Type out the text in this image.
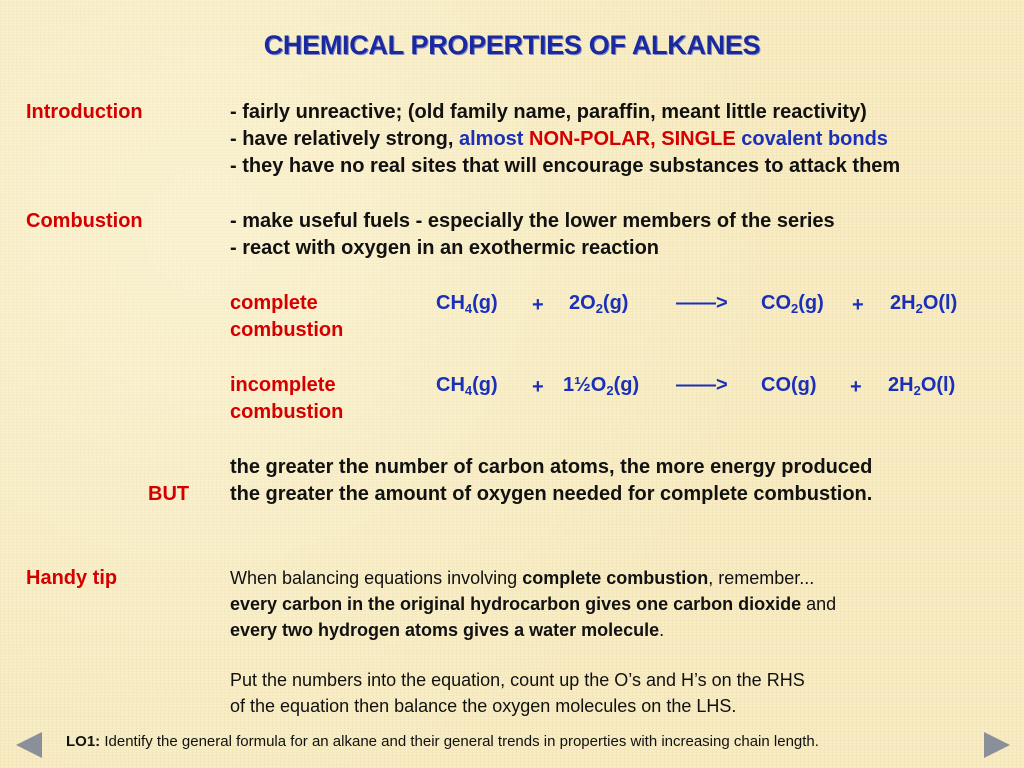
CHEMICAL PROPERTIES OF ALKANES
Introduction	- fairly unreactive; (old family name, paraffin, meant little reactivity)
- have relatively strong, almost NON-POLAR, SINGLE covalent bonds
- they have no real sites that will encourage substances to attack them
Combustion	- make useful fuels - especially the lower members of the series
- react with oxygen in an exothermic reaction
complete
combustion
$CH_4(g) + 2O_2(g)$ ——> $CO_2(g) + 2H_2O(l)$
incomplete
combustion
$CH_4(g)$ + $1\frac{1}{2}O_2(g)$ ——> $CO(g) + 2H_2O(l)$
the greater the number of carbon atoms, the more energy produced
BUT the greater the amount of oxygen needed for complete combustion.
Handy tip	When balancing equations involving complete combustion, remember...
every carbon in the original hydrocarbon gives one carbon dioxide and
every two hydrogen atoms gives a water molecule.
Put the numbers into the equation, count up the O’s and H’s on the RHS
of the equation then balance the oxygen molecules on the LHS.
LO1: Identify the general formula for an alkane and their general trends in properties with increasing chain length.
